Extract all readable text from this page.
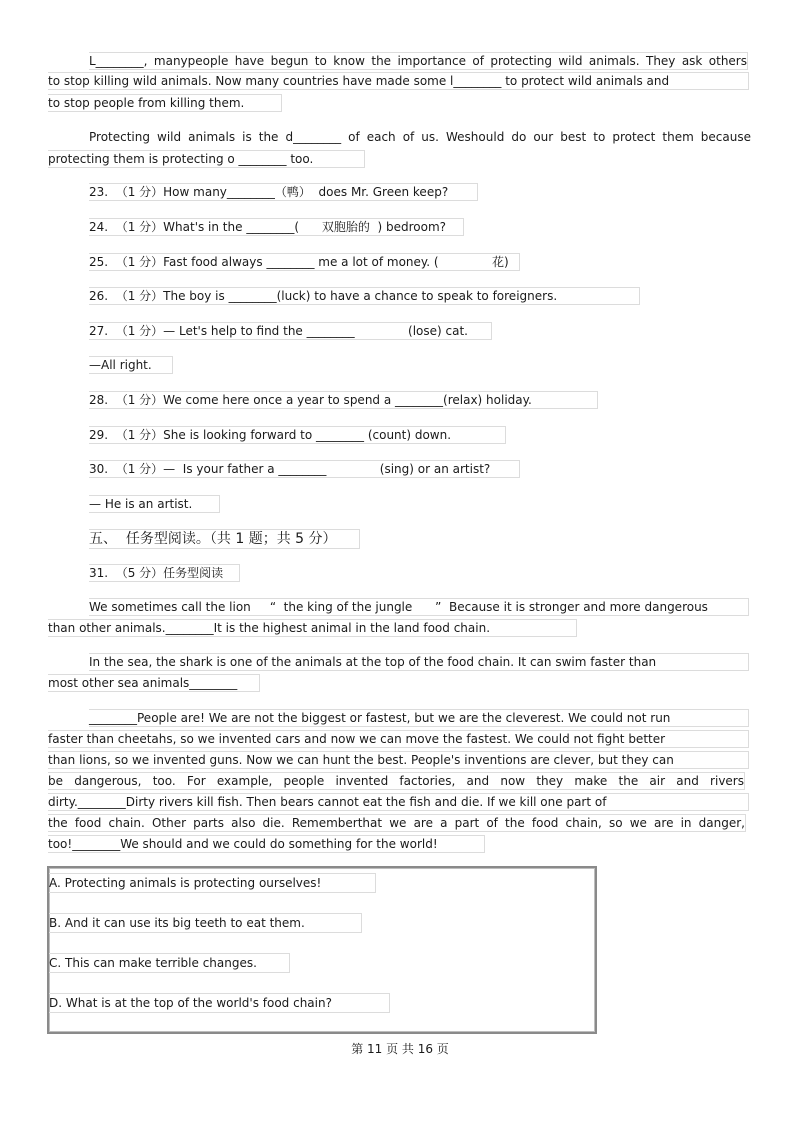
L________, manypeople have begun to know the importance of protecting wild animals. They ask others
to stop killing wild animals. Now many countries have made some l________ to protect wild animals and
to stop people from killing them.
Protecting wild animals is the d________ of each of us. Weshould do our best to protect them because
protecting them is protecting o ________ too.
23.  （1 分）How many________（鸭）  does Mr. Green keep?
24.  （1 分）What's in the ________(      双胞胎的  ) bedroom?
25.  （1 分）Fast food always ________ me a lot of money. (              花)
26.  （1 分）The boy is ________(luck) to have a chance to speak to foreigners.
27.  （1 分）— Let's help to find the ________              (lose) cat.
—All right.
28.  （1 分）We come here once a year to spend a ________(relax) holiday.
29.  （1 分）She is looking forward to ________ (count) down.
30.  （1 分）—  Is your father a ________              (sing) or an artist?
— He is an artist.
五、  任务型阅读。（共 1 题；共 5 分）
31.  （5 分）任务型阅读
We sometimes call the lion     “  the king of the jungle      ”  Because it is stronger and more dangerous
than other animals.________It is the highest animal in the land food chain.
In the sea, the shark is one of the animals at the top of the food chain. It can swim faster than
most other sea animals________
________People are! We are not the biggest or fastest, but we are the cleverest. We could not run
faster than cheetahs, so we invented cars and now we can move the fastest. We could not fight better
than lions, so we invented guns. Now we can hunt the best. People's inventions are clever, but they can
be dangerous, too. For example, people invented factories, and now they make the air and rivers
dirty.________Dirty rivers kill fish. Then bears cannot eat the fish and die. If we kill one part of
the food chain. Other parts also die. Rememberthat we are a part of the food chain, so we are in danger,
too!________We should and we could do something for the world!
A. Protecting animals is protecting ourselves!
B. And it can use its big teeth to eat them.
C. This can make terrible changes.
D. What is at the top of the world's food chain?
第 11 页 共 16 页
